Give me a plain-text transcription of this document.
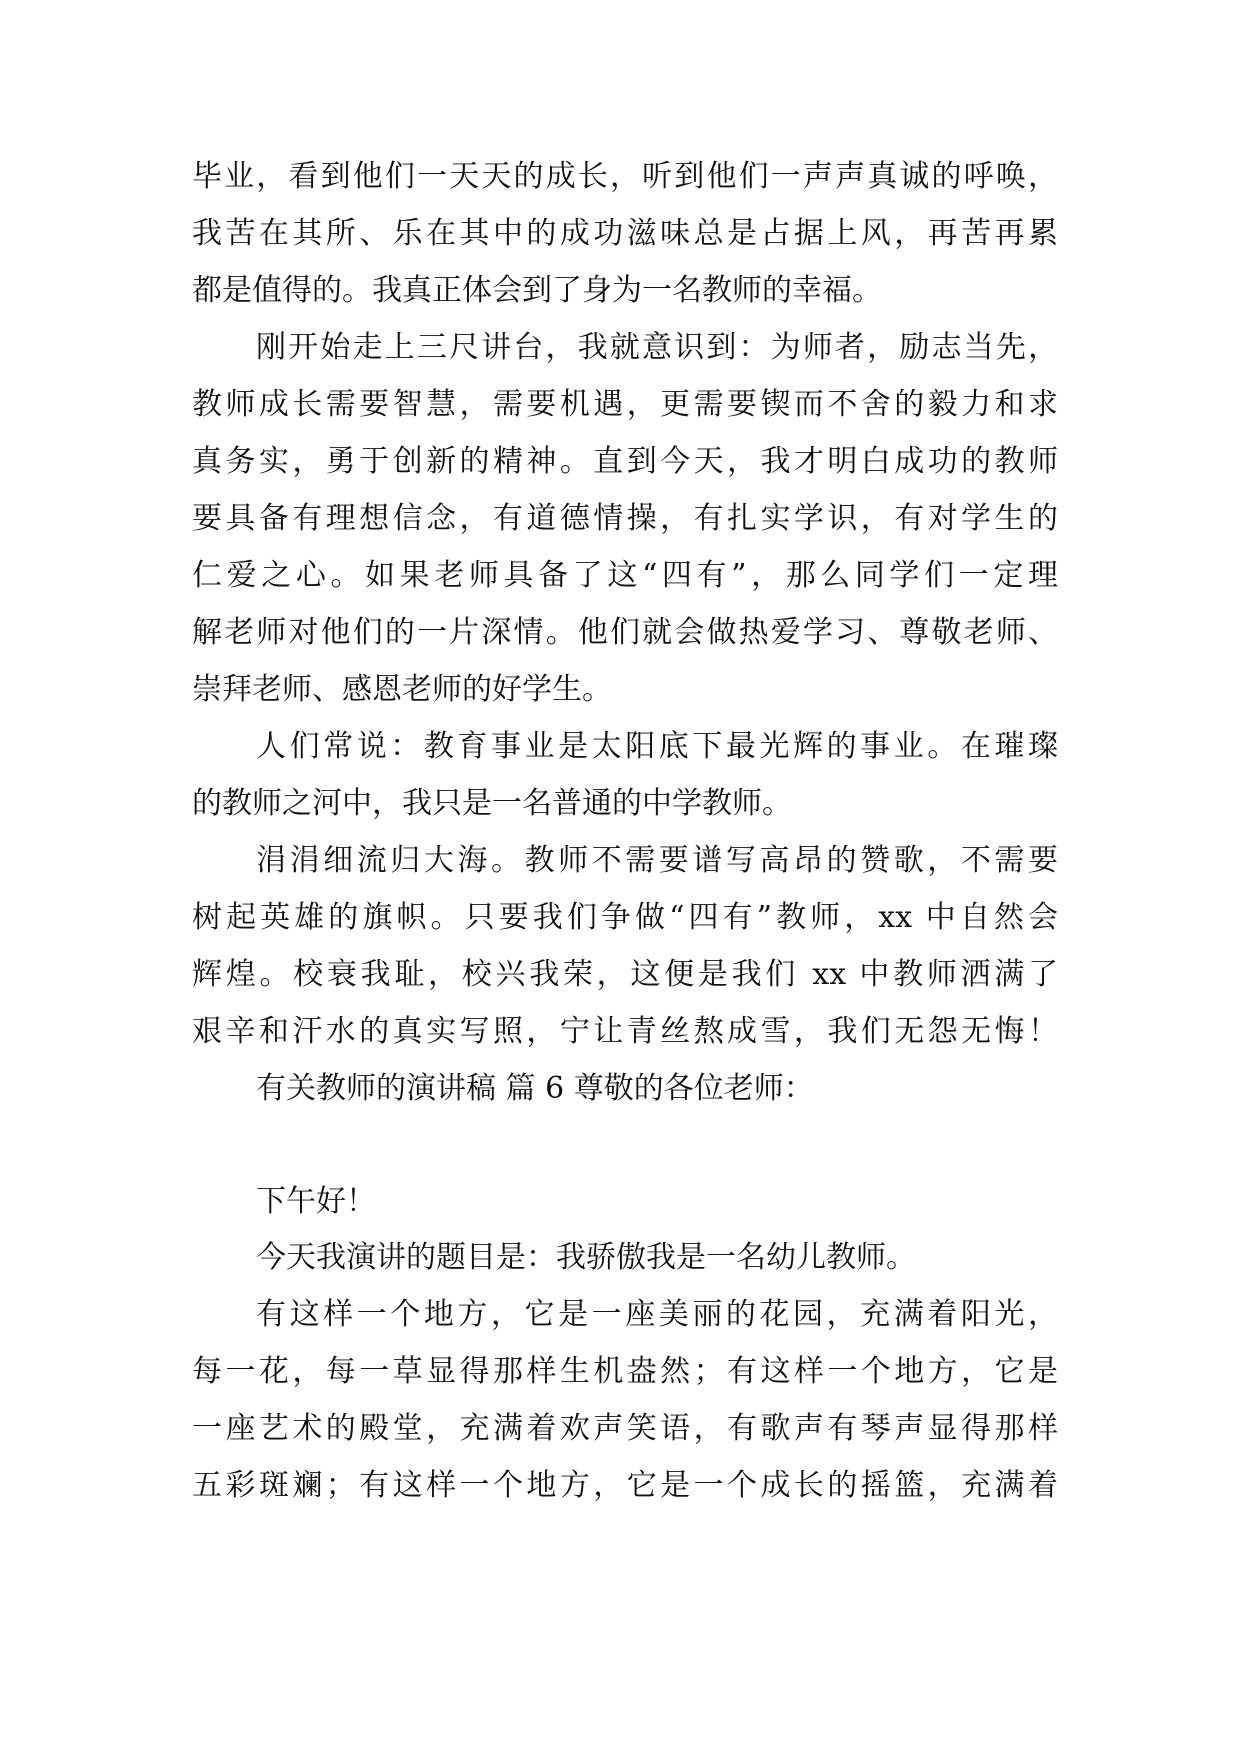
毕业，看到他们一天天的成长，听到他们一声声真诚的呼唤，
我苦在其所、乐在其中的成功滋味总是占据上风，再苦再累
都是值得的。我真正体会到了身为一名教师的幸福。
刚开始走上三尺讲台，我就意识到：为师者，励志当先，
教师成长需要智慧，需要机遇，更需要锲而不舍的毅力和求
真务实，勇于创新的精神。直到今天，我才明白成功的教师
要具备有理想信念，有道德情操，有扎实学识，有对学生的
仁爱之心。如果老师具备了这“四有”，那么同学们一定理
解老师对他们的一片深情。他们就会做热爱学习、尊敬老师、
崇拜老师、感恩老师的好学生。
人们常说：教育事业是太阳底下最光辉的事业。在璀璨
的教师之河中，我只是一名普通的中学教师。
涓涓细流归大海。教师不需要谱写高昂的赞歌，不需要
树起英雄的旗帜。只要我们争做“四有”教师，xx 中自然会
辉煌。校衰我耻，校兴我荣，这便是我们 xx 中教师洒满了
艰辛和汗水的真实写照，宁让青丝熬成雪，我们无怨无悔！
有关教师的演讲稿 篇 6 尊敬的各位老师：
下午好！
今天我演讲的题目是：我骄傲我是一名幼儿教师。
有这样一个地方，它是一座美丽的花园，充满着阳光，
每一花，每一草显得那样生机盎然；有这样一个地方，它是
一座艺术的殿堂，充满着欢声笑语，有歌声有琴声显得那样
五彩斑斓；有这样一个地方，它是一个成长的摇篮，充满着
